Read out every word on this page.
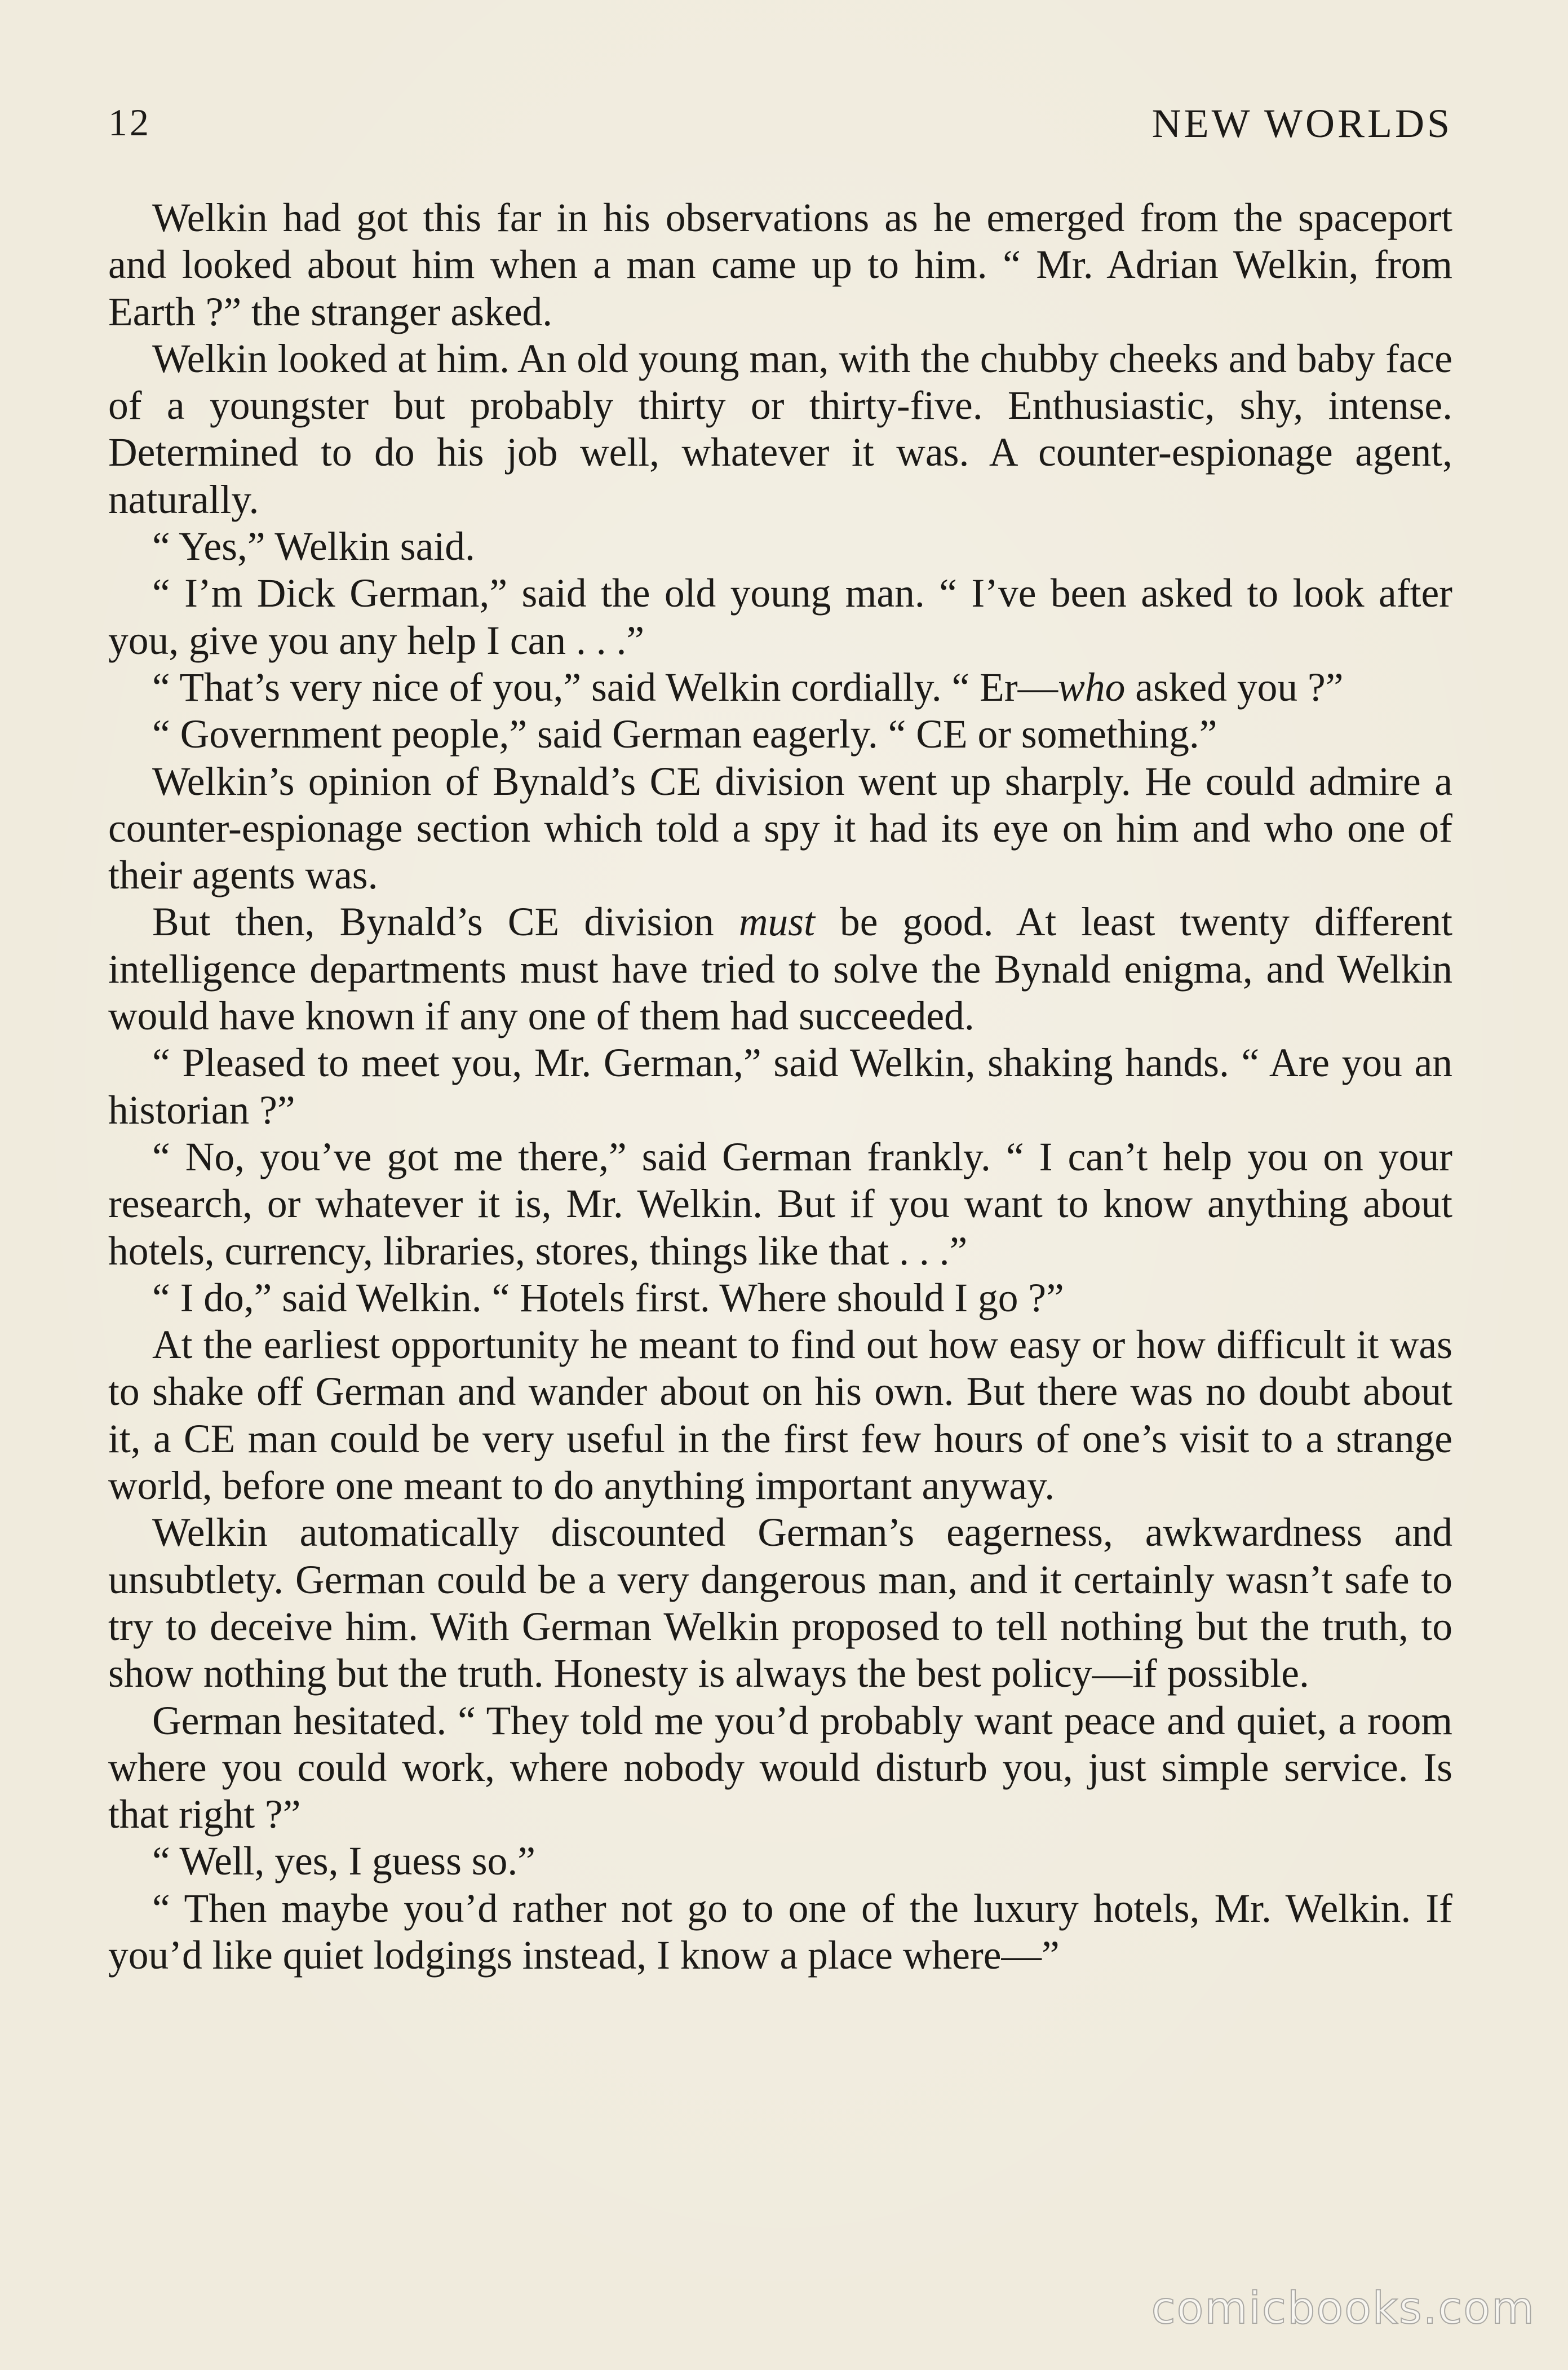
12	NEW WORLDS

Welkin had got this far in his observations as he emerged from the spaceport and looked about him when a man came up to him. “ Mr. Adrian Welkin, from Earth ?” the stranger asked.

Welkin looked at him. An old young man, with the chubby cheeks and baby face of a youngster but probably thirty or thirty-five. Enthusiastic, shy, intense. Determined to do his job well, whatever it was. A counter-espionage agent, naturally.

“ Yes,” Welkin said.

“ I’m Dick German,” said the old young man. “ I’ve been asked to look after you, give you any help I can . . .”

“ That’s very nice of you,” said Welkin cordially. “ Er—who asked you ?”

“ Government people,” said German eagerly. “ CE or something.”

Welkin’s opinion of Bynald’s CE division went up sharply. He could admire a counter-espionage section which told a spy it had its eye on him and who one of their agents was.

But then, Bynald’s CE division must be good. At least twenty different intelligence departments must have tried to solve the Bynald enigma, and Welkin would have known if any one of them had succeeded.

“ Pleased to meet you, Mr. German,” said Welkin, shaking hands. “ Are you an historian ?”

“ No, you’ve got me there,” said German frankly. “ I can’t help you on your research, or whatever it is, Mr. Welkin. But if you want to know anything about hotels, currency, libraries, stores, things like that . . .”

“ I do,” said Welkin. “ Hotels first. Where should I go ?”

At the earliest opportunity he meant to find out how easy or how difficult it was to shake off German and wander about on his own. But there was no doubt about it, a CE man could be very useful in the first few hours of one’s visit to a strange world, before one meant to do anything important anyway.

Welkin automatically discounted German’s eagerness, awkwardness and unsubtlety. German could be a very dangerous man, and it certainly wasn’t safe to try to deceive him. With German Welkin proposed to tell nothing but the truth, to show nothing but the truth. Honesty is always the best policy—if possible.

German hesitated. “ They told me you’d probably want peace and quiet, a room where you could work, where nobody would disturb you, just simple service. Is that right ?”

“ Well, yes, I guess so.”

“ Then maybe you’d rather not go to one of the luxury hotels, Mr. Welkin. If you’d like quiet lodgings instead, I know a place where—”

comicbooks.com
